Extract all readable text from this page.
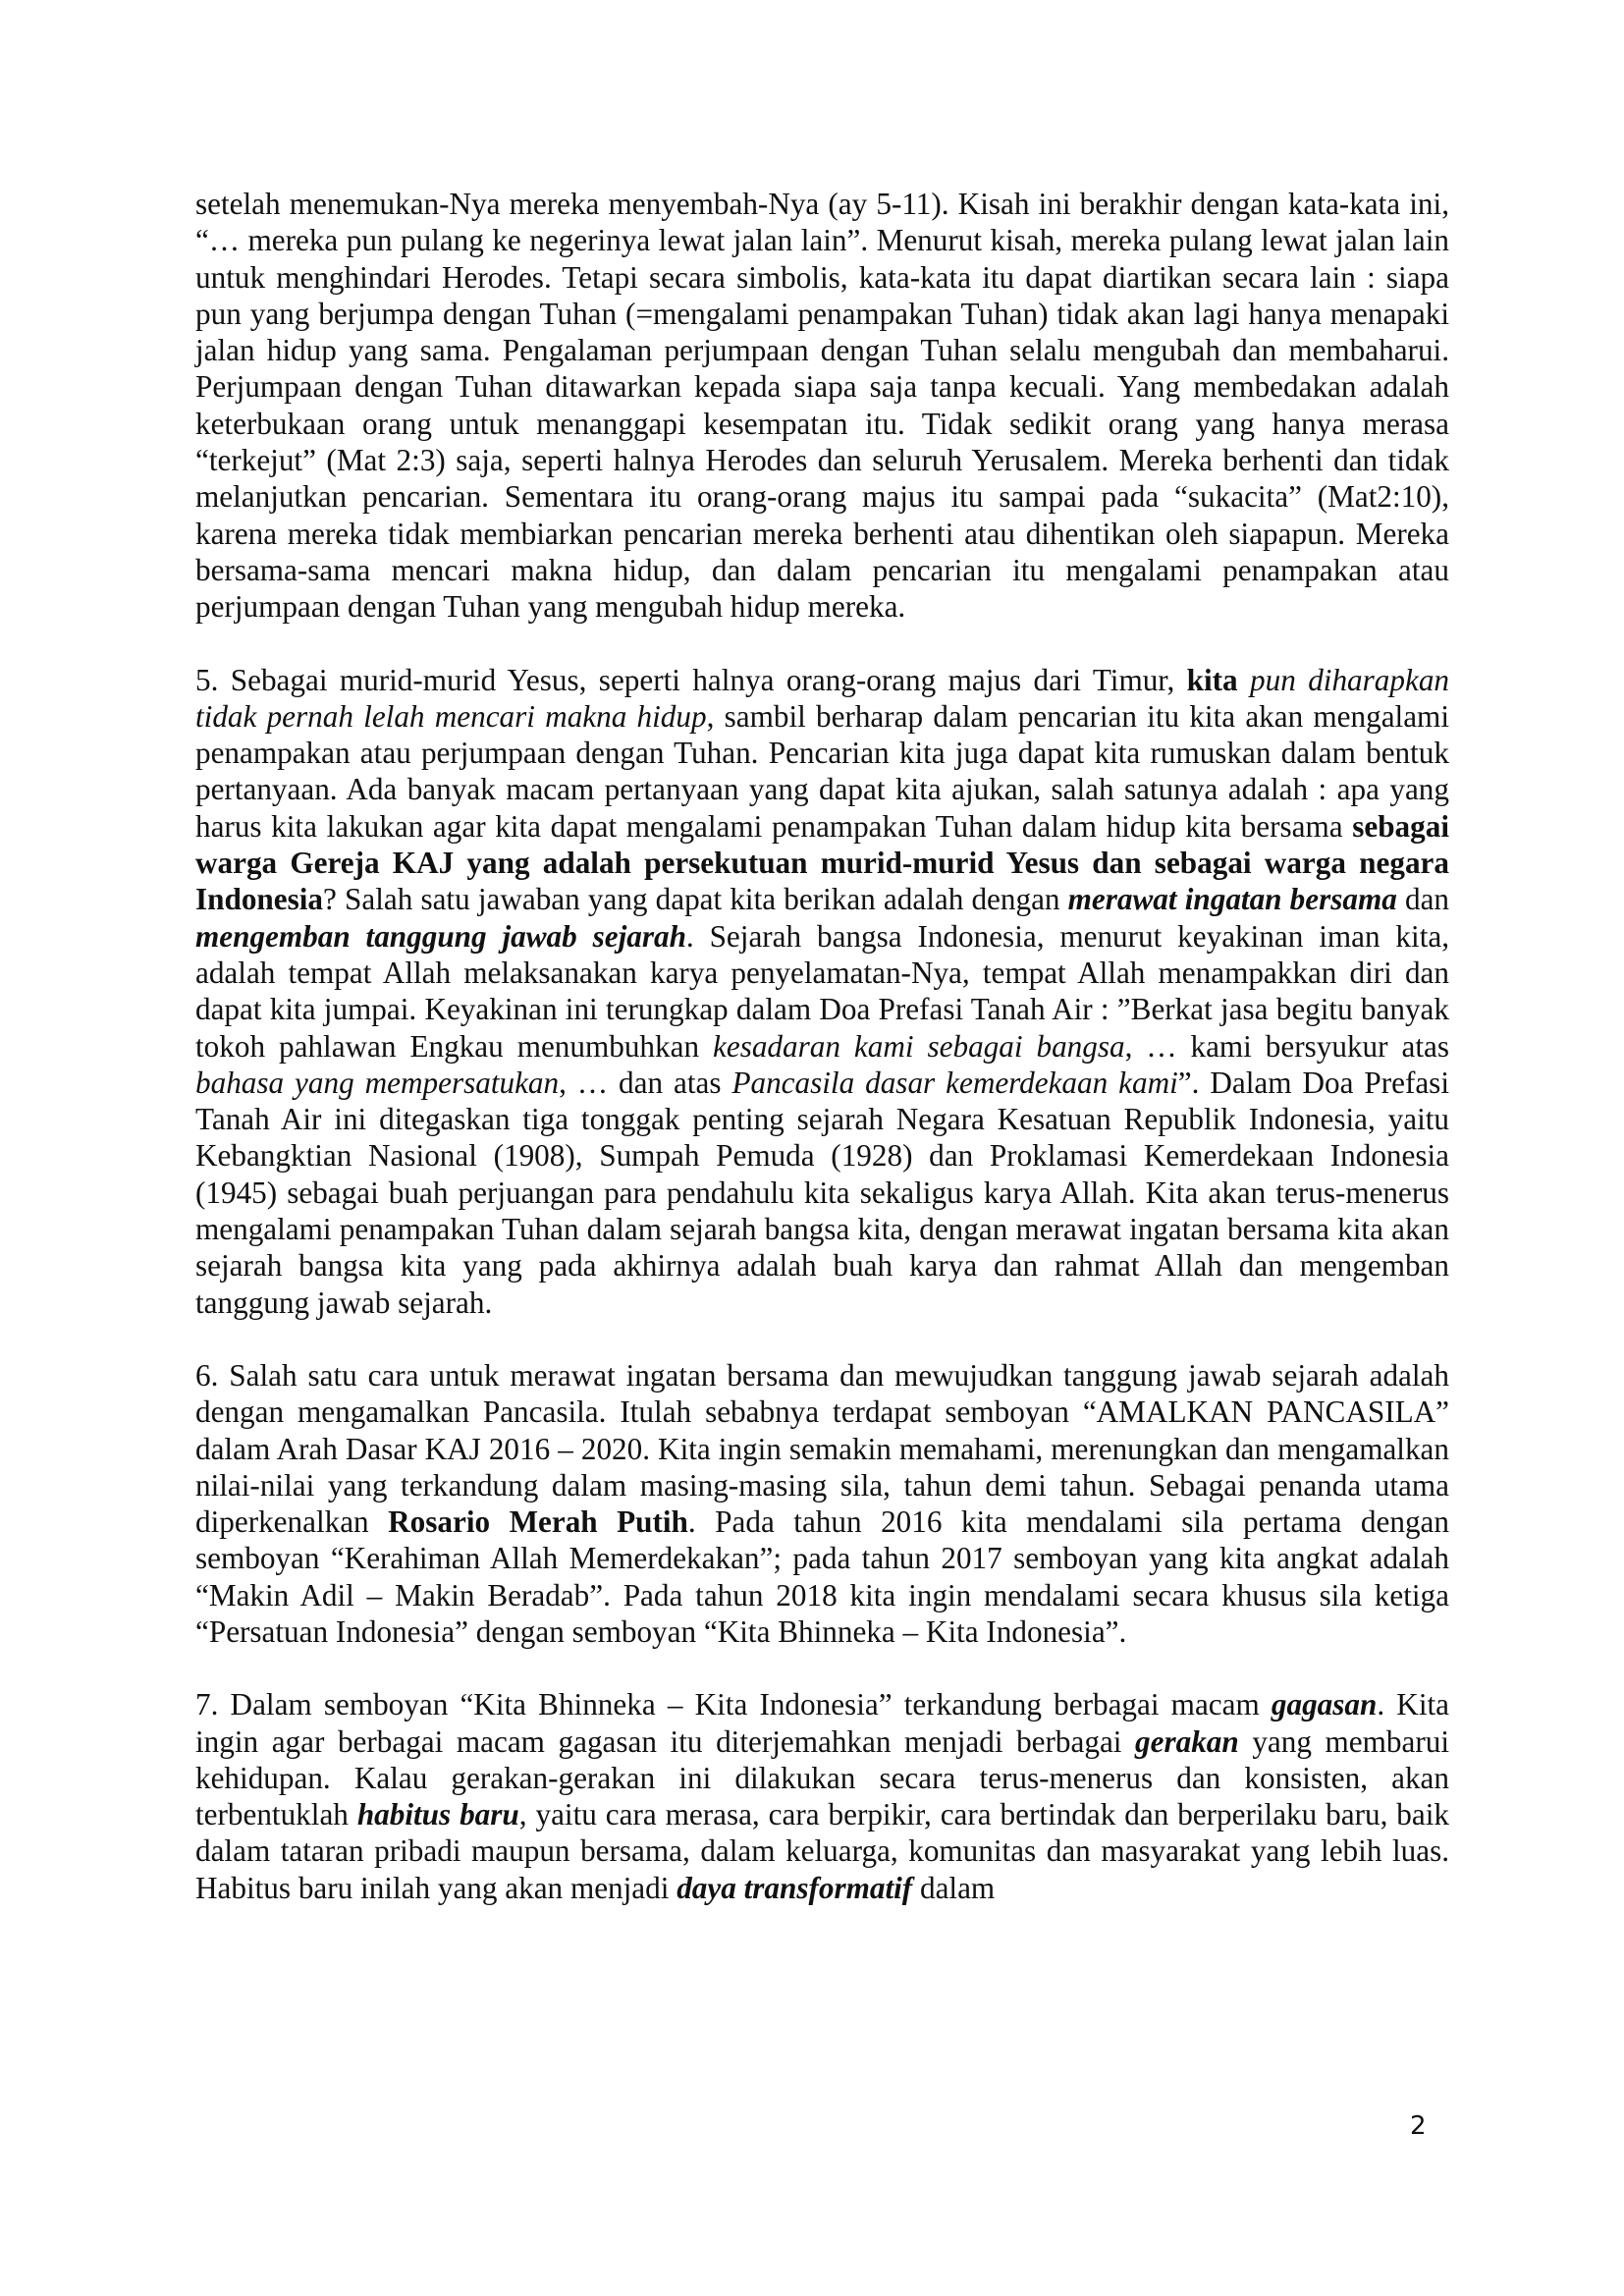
setelah menemukan-Nya mereka menyembah-Nya (ay 5-11). Kisah ini berakhir dengan kata-kata ini, “… mereka pun pulang ke negerinya lewat jalan lain”. Menurut kisah, mereka pulang lewat jalan lain untuk menghindari Herodes. Tetapi secara simbolis, kata-kata itu dapat diartikan secara lain : siapa pun yang berjumpa dengan Tuhan (=mengalami penampakan Tuhan) tidak akan lagi hanya menapaki jalan hidup yang sama. Pengalaman perjumpaan dengan Tuhan selalu mengubah dan membaharui. Perjumpaan dengan Tuhan ditawarkan kepada siapa saja tanpa kecuali. Yang membedakan adalah keterbukaan orang untuk menanggapi kesempatan itu. Tidak sedikit orang yang hanya merasa “terkejut” (Mat 2:3) saja, seperti halnya Herodes dan seluruh Yerusalem. Mereka berhenti dan tidak melanjutkan pencarian. Sementara itu orang-orang majus itu sampai pada “sukacita” (Mat2:10), karena mereka tidak membiarkan pencarian mereka berhenti atau dihentikan oleh siapapun. Mereka bersama-sama mencari makna hidup, dan dalam pencarian itu mengalami penampakan atau perjumpaan dengan Tuhan yang mengubah hidup mereka.

5. Sebagai murid-murid Yesus, seperti halnya orang-orang majus dari Timur, kita pun diharapkan tidak pernah lelah mencari makna hidup, sambil berharap dalam pencarian itu kita akan mengalami penampakan atau perjumpaan dengan Tuhan. Pencarian kita juga dapat kita rumuskan dalam bentuk pertanyaan. Ada banyak macam pertanyaan yang dapat kita ajukan, salah satunya adalah : apa yang harus kita lakukan agar kita dapat mengalami penampakan Tuhan dalam hidup kita bersama sebagai warga Gereja KAJ yang adalah persekutuan murid-murid Yesus dan sebagai warga negara Indonesia? Salah satu jawaban yang dapat kita berikan adalah dengan merawat ingatan bersama dan mengemban tanggung jawab sejarah. Sejarah bangsa Indonesia, menurut keyakinan iman kita, adalah tempat Allah melaksanakan karya penyelamatan-Nya, tempat Allah menampakkan diri dan dapat kita jumpai. Keyakinan ini terungkap dalam Doa Prefasi Tanah Air : ”Berkat jasa begitu banyak tokoh pahlawan Engkau menumbuhkan kesadaran kami sebagai bangsa, … kami bersyukur atas bahasa yang mempersatukan, … dan atas Pancasila dasar kemerdekaan kami”. Dalam Doa Prefasi Tanah Air ini ditegaskan tiga tonggak penting sejarah Negara Kesatuan Republik Indonesia, yaitu Kebangktian Nasional (1908), Sumpah Pemuda (1928) dan Proklamasi Kemerdekaan Indonesia (1945) sebagai buah perjuangan para pendahulu kita sekaligus karya Allah. Kita akan terus-menerus mengalami penampakan Tuhan dalam sejarah bangsa kita, dengan merawat ingatan bersama kita akan sejarah bangsa kita yang pada akhirnya adalah buah karya dan rahmat Allah dan mengemban tanggung jawab sejarah.

6. Salah satu cara untuk merawat ingatan bersama dan mewujudkan tanggung jawab sejarah adalah dengan mengamalkan Pancasila. Itulah sebabnya terdapat semboyan “AMALKAN PANCASILA” dalam Arah Dasar KAJ 2016 – 2020. Kita ingin semakin memahami, merenungkan dan mengamalkan nilai-nilai yang terkandung dalam masing-masing sila, tahun demi tahun. Sebagai penanda utama diperkenalkan Rosario Merah Putih. Pada tahun 2016 kita mendalami sila pertama dengan semboyan “Kerahiman Allah Memerdekakan”; pada tahun 2017 semboyan yang kita angkat adalah “Makin Adil – Makin Beradab”. Pada tahun 2018 kita ingin mendalami secara khusus sila ketiga “Persatuan Indonesia” dengan semboyan “Kita Bhinneka – Kita Indonesia”.

7. Dalam semboyan “Kita Bhinneka – Kita Indonesia” terkandung berbagai macam gagasan. Kita ingin agar berbagai macam gagasan itu diterjemahkan menjadi berbagai gerakan yang membarui kehidupan. Kalau gerakan-gerakan ini dilakukan secara terus-menerus dan konsisten, akan terbentuklah habitus baru, yaitu cara merasa, cara berpikir, cara bertindak dan berperilaku baru, baik dalam tataran pribadi maupun bersama, dalam keluarga, komunitas dan masyarakat yang lebih luas. Habitus baru inilah yang akan menjadi daya transformatif dalam

2
